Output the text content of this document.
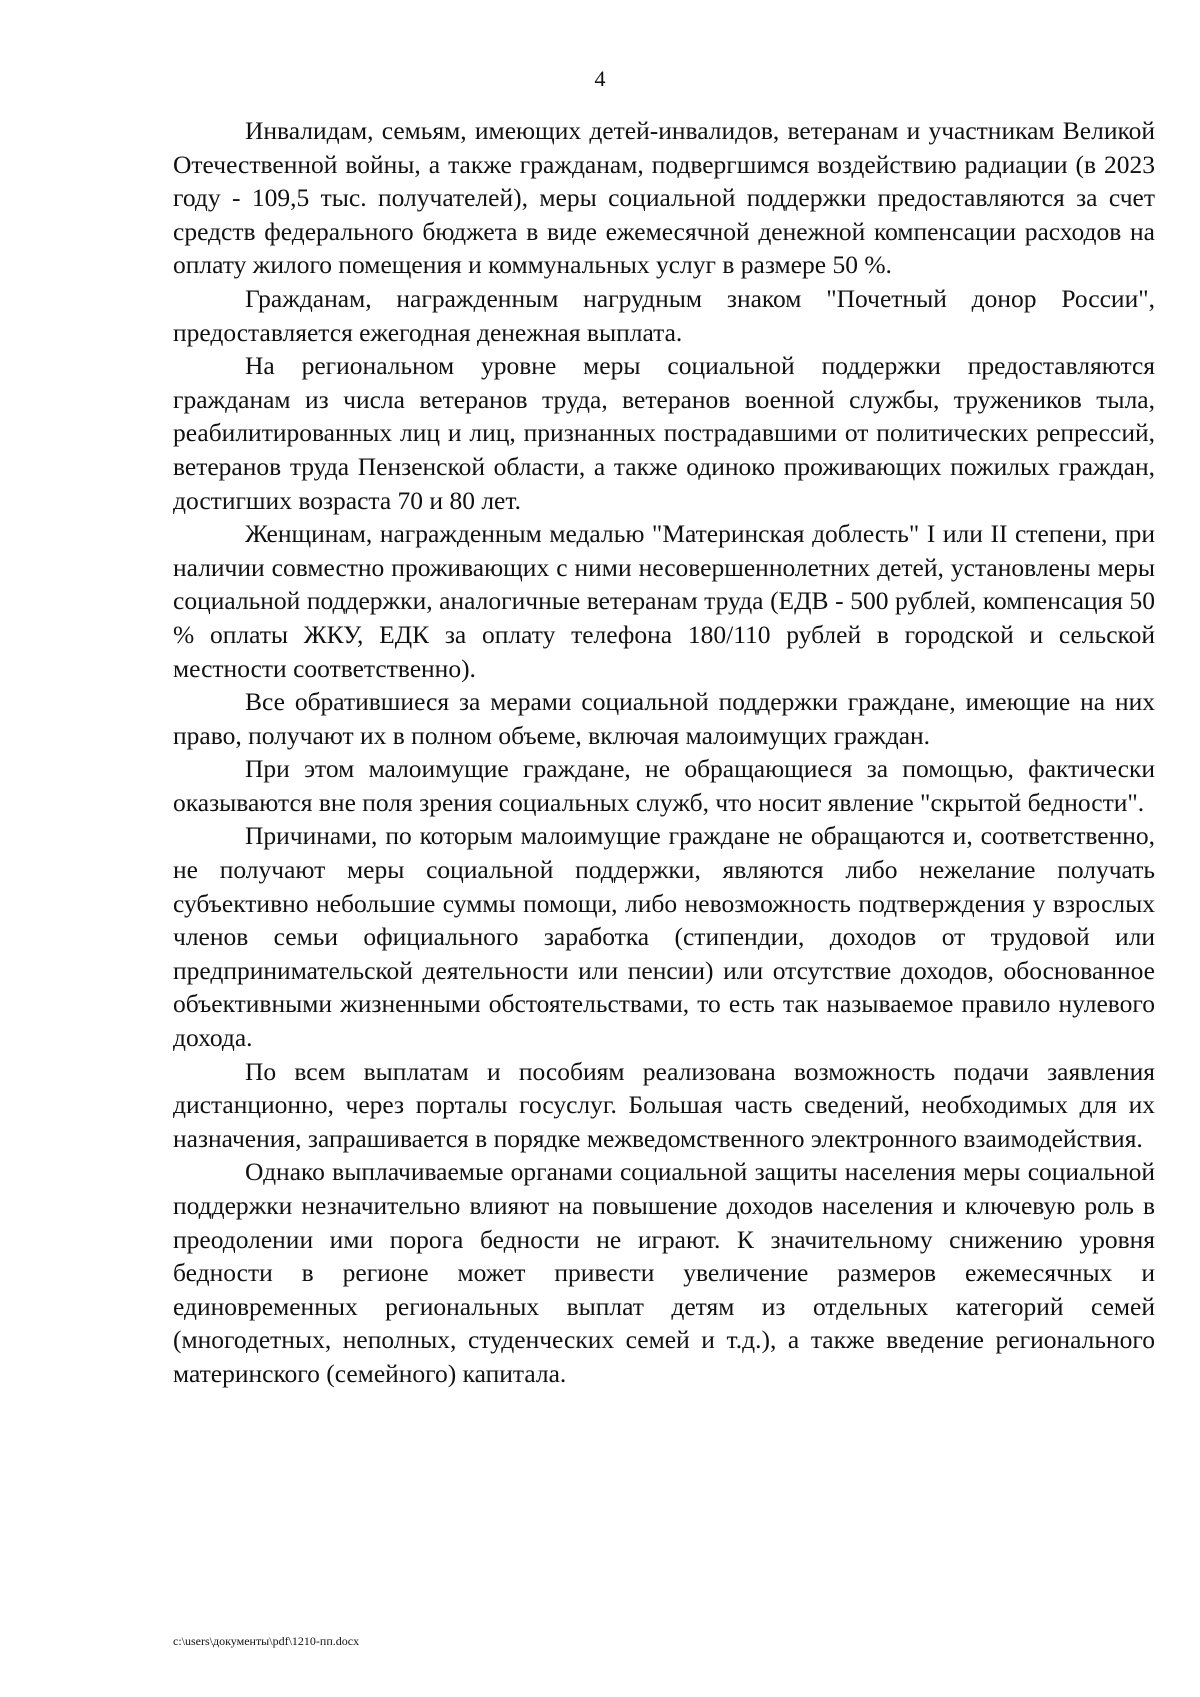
4

Инвалидам, семьям, имеющих детей-инвалидов, ветеранам и участникам Великой Отечественной войны, а также гражданам, подвергшимся воздействию радиации (в 2023 году - 109,5 тыс. получателей), меры социальной поддержки предоставляются за счет средств федерального бюджета в виде ежемесячной денежной компенсации расходов на оплату жилого помещения и коммунальных услуг в размере 50 %.

Гражданам, награжденным нагрудным знаком "Почетный донор России", предоставляется ежегодная денежная выплата.

На региональном уровне меры социальной поддержки предоставляются гражданам из числа ветеранов труда, ветеранов военной службы, тружеников тыла, реабилитированных лиц и лиц, признанных пострадавшими от политических репрессий, ветеранов труда Пензенской области, а также одиноко проживающих пожилых граждан, достигших возраста 70 и 80 лет.

Женщинам, награжденным медалью "Материнская доблесть" I или II степени, при наличии совместно проживающих с ними несовершеннолетних детей, установлены меры социальной поддержки, аналогичные ветеранам труда (ЕДВ - 500 рублей, компенсация 50 % оплаты ЖКУ, ЕДК за оплату телефона 180/110 рублей в городской и сельской местности соответственно).

Все обратившиеся за мерами социальной поддержки граждане, имеющие на них право, получают их в полном объеме, включая малоимущих граждан.

При этом малоимущие граждане, не обращающиеся за помощью, фактически оказываются вне поля зрения социальных служб, что носит явление "скрытой бедности".

Причинами, по которым малоимущие граждане не обращаются и, соответственно, не получают меры социальной поддержки, являются либо нежелание получать субъективно небольшие суммы помощи, либо невозможность подтверждения у взрослых членов семьи официального заработка (стипендии, доходов от трудовой или предпринимательской деятельности или пенсии) или отсутствие доходов, обоснованное объективными жизненными обстоятельствами, то есть так называемое правило нулевого дохода.

По всем выплатам и пособиям реализована возможность подачи заявления дистанционно, через порталы госуслуг. Большая часть сведений, необходимых для их назначения, запрашивается в порядке межведомственного электронного взаимодействия.

Однако выплачиваемые органами социальной защиты населения меры социальной поддержки незначительно влияют на повышение доходов населения и ключевую роль в преодолении ими порога бедности не играют. К значительному снижению уровня бедности в регионе может привести увеличение размеров ежемесячных и единовременных региональных выплат детям из отдельных категорий семей (многодетных, неполных, студенческих семей и т.д.), а также введение регионального материнского (семейного) капитала.

c:\users\документы\pdf\1210-пп.docx
